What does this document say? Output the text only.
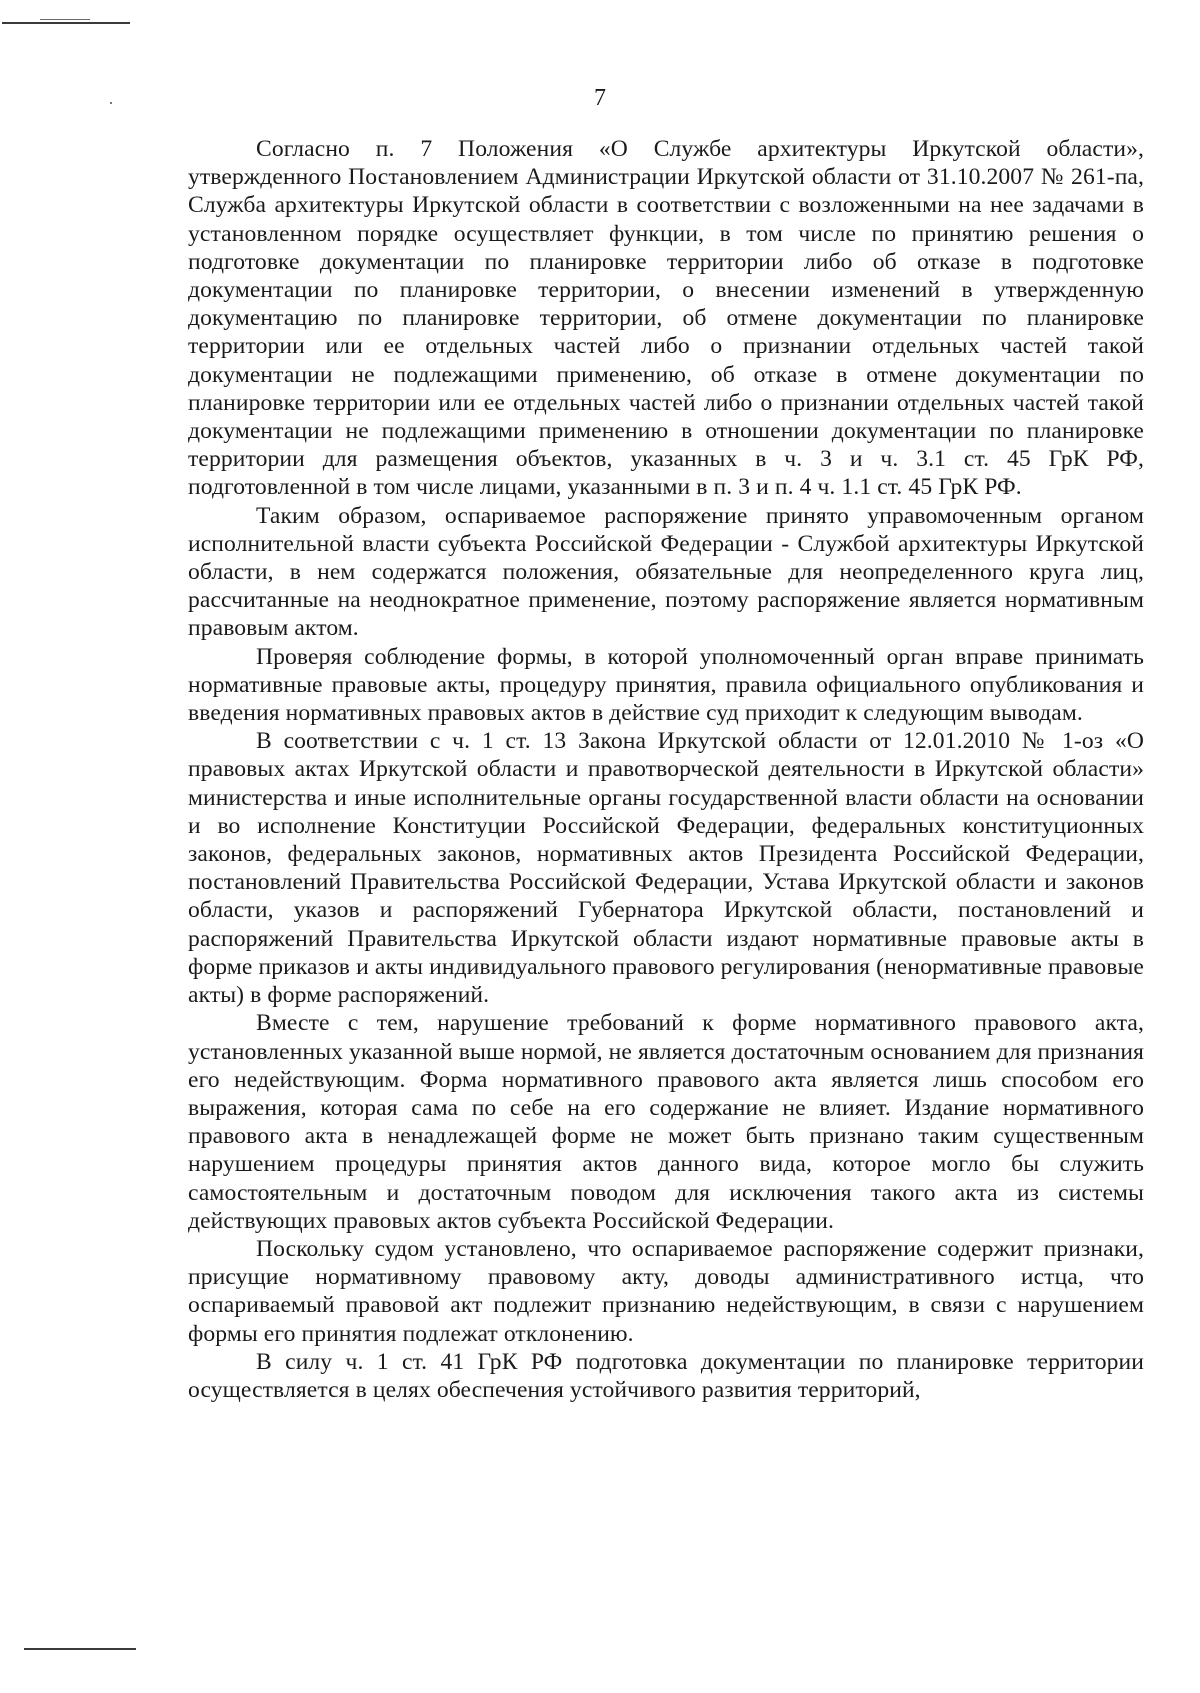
7

Согласно п. 7 Положения «О Службе архитектуры Иркутской области», утвержденного Постановлением Администрации Иркутской области от 31.10.2007 № 261-па, Служба архитектуры Иркутской области в соответствии с возложенными на нее задачами в установленном порядке осуществляет функции, в том числе по принятию решения о подготовке документации по планировке территории либо об отказе в подготовке документации по планировке территории, о внесении изменений в утвержденную документацию по планировке территории, об отмене документации по планировке территории или ее отдельных частей либо о признании отдельных частей такой документации не подлежащими применению, об отказе в отмене документации по планировке территории или ее отдельных частей либо о признании отдельных частей такой документации не подлежащими применению в отношении документации по планировке территории для размещения объектов, указанных в ч. 3 и ч. 3.1 ст. 45 ГрК РФ, подготовленной в том числе лицами, указанными в п. 3 и п. 4 ч. 1.1 ст. 45 ГрК РФ.

Таким образом, оспариваемое распоряжение принято управомоченным органом исполнительной власти субъекта Российской Федерации - Службой архитектуры Иркутской области, в нем содержатся положения, обязательные для неопределенного круга лиц, рассчитанные на неоднократное применение, поэтому распоряжение является нормативным правовым актом.

Проверяя соблюдение формы, в которой уполномоченный орган вправе принимать нормативные правовые акты, процедуру принятия, правила официального опубликования и введения нормативных правовых актов в действие суд приходит к следующим выводам.

В соответствии с ч. 1 ст. 13 Закона Иркутской области от 12.01.2010 № 1-оз «О правовых актах Иркутской области и правотворческой деятельности в Иркутской области» министерства и иные исполнительные органы государственной власти области на основании и во исполнение Конституции Российской Федерации, федеральных конституционных законов, федеральных законов, нормативных актов Президента Российской Федерации, постановлений Правительства Российской Федерации, Устава Иркутской области и законов области, указов и распоряжений Губернатора Иркутской области, постановлений и распоряжений Правительства Иркутской области издают нормативные правовые акты в форме приказов и акты индивидуального правового регулирования (ненормативные правовые акты) в форме распоряжений.

Вместе с тем, нарушение требований к форме нормативного правового акта, установленных указанной выше нормой, не является достаточным основанием для признания его недействующим. Форма нормативного правового акта является лишь способом его выражения, которая сама по себе на его содержание не влияет. Издание нормативного правового акта в ненадлежащей форме не может быть признано таким существенным нарушением процедуры принятия актов данного вида, которое могло бы служить самостоятельным и достаточным поводом для исключения такого акта из системы действующих правовых актов субъекта Российской Федерации.

Поскольку судом установлено, что оспариваемое распоряжение содержит признаки, присущие нормативному правовому акту, доводы административного истца, что оспариваемый правовой акт подлежит признанию недействующим, в связи с нарушением формы его принятия подлежат отклонению.

В силу ч. 1 ст. 41 ГрК РФ подготовка документации по планировке территории осуществляется в целях обеспечения устойчивого развития территорий,
